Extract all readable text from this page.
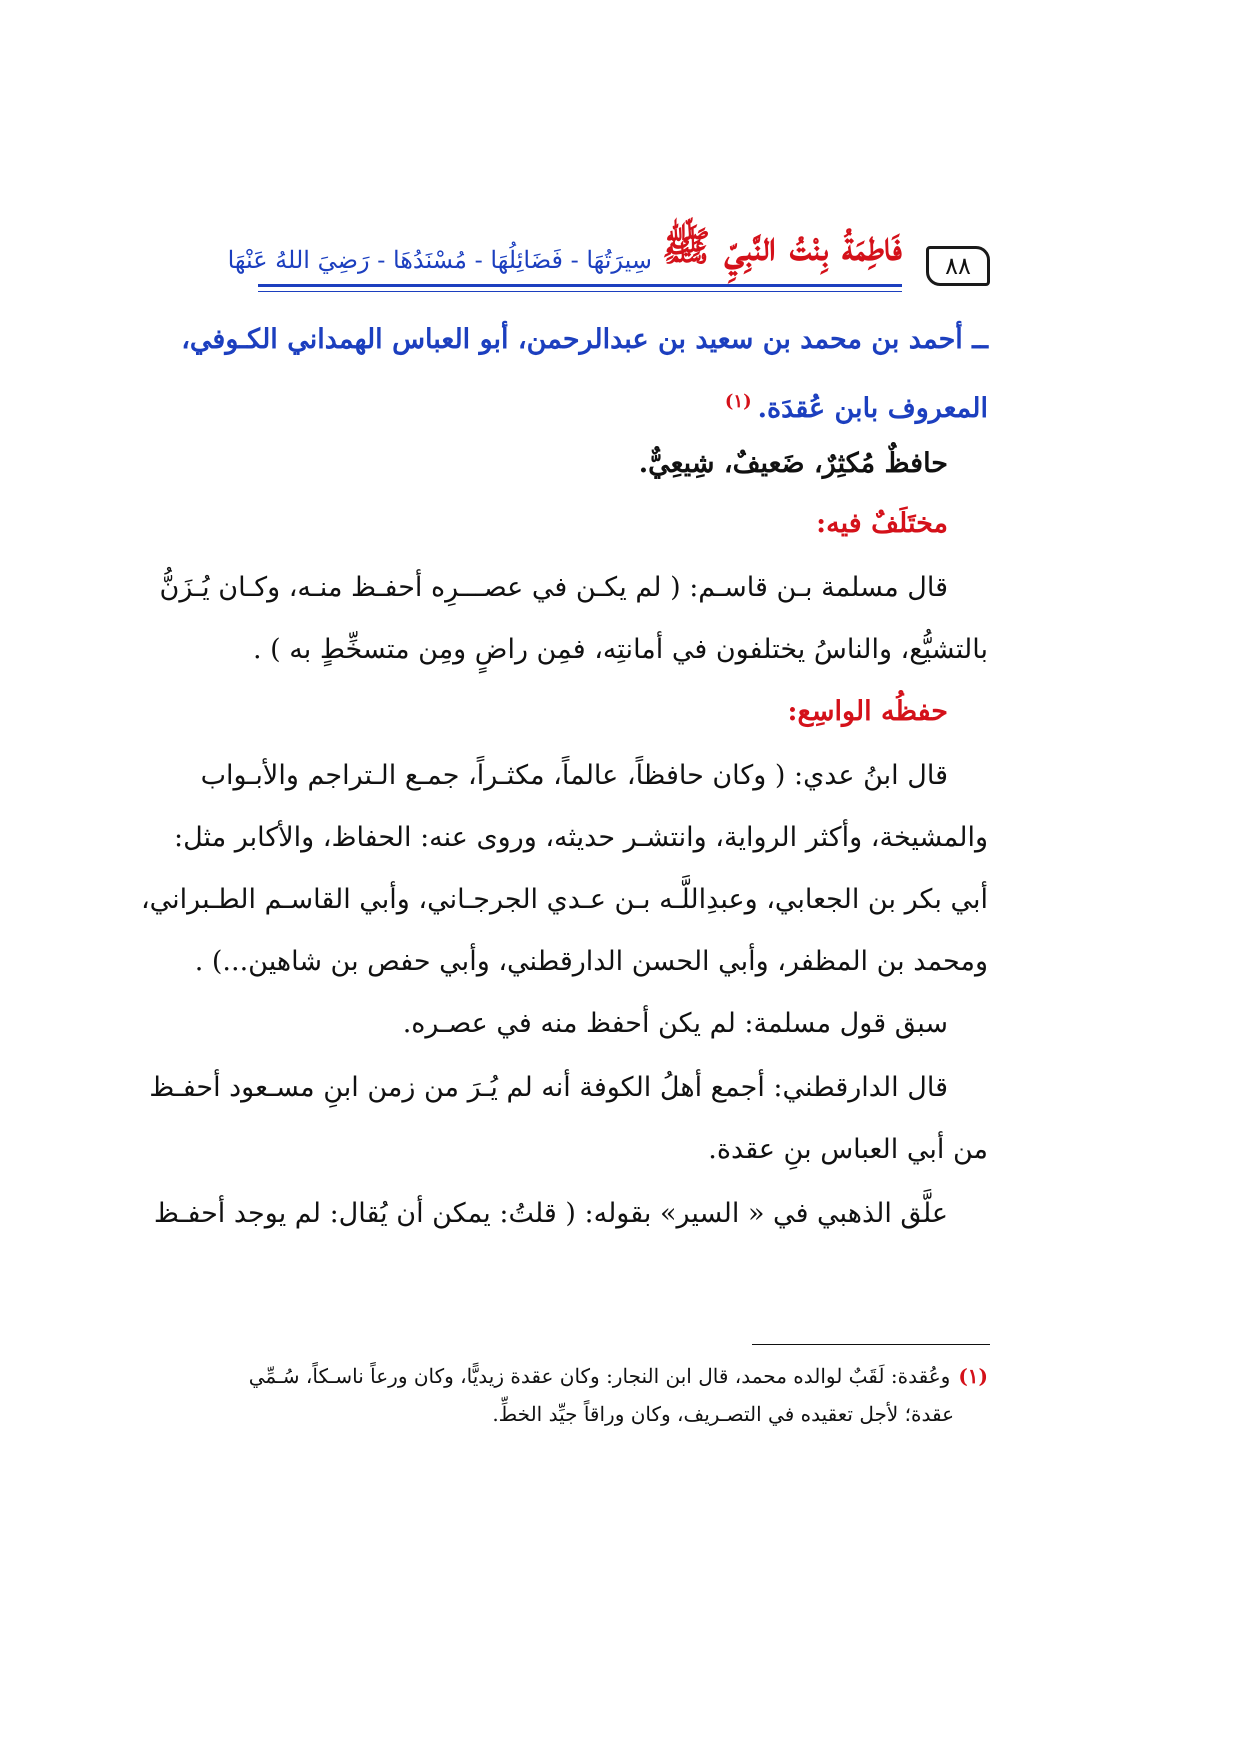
٨٨
فَاطِمَةُ بِنْتُ النَّبِيِّ ﷺ
سِيرَتُهَا - فَضَائِلُهَا - مُسْنَدُهَا - رَضِيَ اللهُ عَنْهَا
ــ أحمد بن محمد بن سعيد بن عبدالرحمن، أبو العباس الهمداني الكـوفي،
المعروف بابن عُقدَة.$^{(١)}$
حافظٌ مُكثِرٌ، ضَعيفٌ، شِيعِيٌّ.
مختَلَفٌ فيه:
قال مسلمة بـن قاسـم: ( لم يكـن في عصـــرِه أحفـظ منـه، وكـان يُـزَنُّ
بالتشيُّع، والناسُ يختلفون في أمانتِه، فمِن راضٍ ومِن متسخِّطٍ به ) .
حفظُه الواسِع:
قال ابنُ عدي: ( وكان حافظاً، عالماً، مكثـراً، جمـع الـتراجم والأبـواب
والمشيخة، وأكثر الرواية، وانتشـر حديثه، وروى عنه: الحفاظ، والأكابر مثل:
أبي بكر بن الجعابي، وعبدِاللَّـه بـن عـدي الجرجـاني، وأبي القاسـم الطـبراني،
ومحمد بن المظفر، وأبي الحسن الدارقطني، وأبي حفص بن شاهين...) .
سبق قول مسلمة: لم يكن أحفظ منه في عصـره.
قال الدارقطني: أجمع أهلُ الكوفة أنه لم يُـرَ من زمن ابنِ مسـعود أحفـظ
من أبي العباس بنِ عقدة.
علَّق الذهبي في « السير» بقوله: ( قلتُ: يمكن أن يُقال: لم يوجد أحفـظ
(١)وعُقدة: لَقَبٌ لوالده محمد، قال ابن النجار: وكان عقدة زيديًّا، وكان ورعاً ناسـكاً، سُـمِّي
عقدة؛ لأجل تعقيده في التصـريف، وكان وراقاً جيِّد الخطِّ.
